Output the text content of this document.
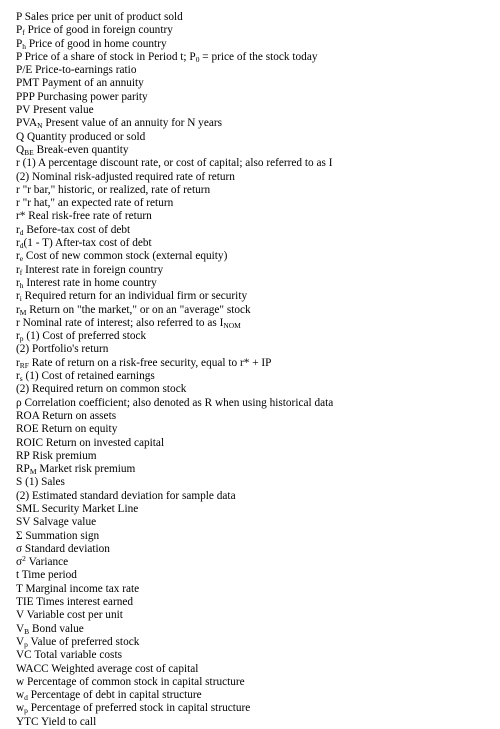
P Sales price per unit of product sold
$P_f$ Price of good in foreign country
$P_h$ Price of good in home country
P Price of a share of stock in Period t; $P_0$ = price of the stock today
P/E Price-to-earnings ratio
PMT Payment of an annuity
PPP Purchasing power parity
PV Present value
$PVA_N$ Present value of an annuity for N years
Q Quantity produced or sold
$Q_{BE}$ Break-even quantity
r (1) A percentage discount rate, or cost of capital; also referred to as I
(2) Nominal risk-adjusted required rate of return
r "r bar," historic, or realized, rate of return
r "r hat," an expected rate of return
r* Real risk-free rate of return
$r_d$ Before-tax cost of debt
$r_d(1 - T)$ After-tax cost of debt
$r_e$ Cost of new common stock (external equity)
$r_f$ Interest rate in foreign country
$r_h$ Interest rate in home country
$r_i$ Required return for an individual firm or security
$r_M$ Return on "the market," or on an "average" stock
r Nominal rate of interest; also referred to as $I_{NOM}$
$r_p$ (1) Cost of preferred stock
(2) Portfolio's return
$r_{RF}$ Rate of return on a risk-free security, equal to r* + IP
$r_s$ (1) Cost of retained earnings
(2) Required return on common stock
ρ Correlation coefficient; also denoted as R when using historical data
ROA Return on assets
ROE Return on equity
ROIC Return on invested capital
RP Risk premium
$RP_M$ Market risk premium
S (1) Sales
(2) Estimated standard deviation for sample data
SML Security Market Line
SV Salvage value
Σ Summation sign
σ Standard deviation
$\sigma^2$ Variance
t Time period
T Marginal income tax rate
TIE Times interest earned
V Variable cost per unit
$V_B$ Bond value
$V_p$ Value of preferred stock
VC Total variable costs
WACC Weighted average cost of capital
w Percentage of common stock in capital structure
$w_d$ Percentage of debt in capital structure
$w_p$ Percentage of preferred stock in capital structure
YTC Yield to call
